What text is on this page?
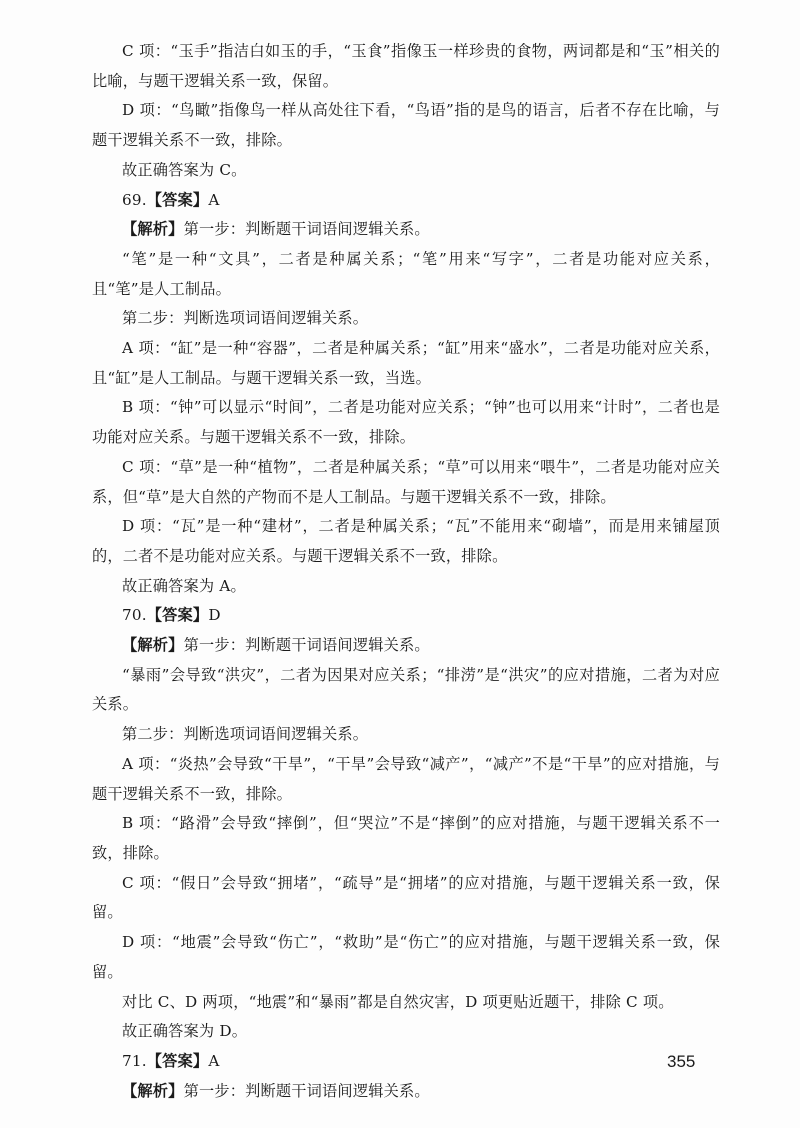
C 项：“玉手”指洁白如玉的手，“玉食”指像玉一样珍贵的食物，两词都是和“玉”相关的比喻，与题干逻辑关系一致，保留。

D 项：“鸟瞰”指像鸟一样从高处往下看，“鸟语”指的是鸟的语言，后者不存在比喻，与题干逻辑关系不一致，排除。

故正确答案为 C。

69.【答案】A

【解析】第一步：判断题干词语间逻辑关系。

“笔”是一种“文具”，二者是种属关系；“笔”用来“写字”，二者是功能对应关系，且“笔”是人工制品。

第二步：判断选项词语间逻辑关系。

A 项：“缸”是一种“容器”，二者是种属关系；“缸”用来“盛水”，二者是功能对应关系，且“缸”是人工制品。与题干逻辑关系一致，当选。

B 项：“钟”可以显示“时间”，二者是功能对应关系；“钟”也可以用来“计时”，二者也是功能对应关系。与题干逻辑关系不一致，排除。

C 项：“草”是一种“植物”，二者是种属关系；“草”可以用来“喂牛”，二者是功能对应关系，但“草”是大自然的产物而不是人工制品。与题干逻辑关系不一致，排除。

D 项：“瓦”是一种“建材”，二者是种属关系；“瓦”不能用来“砌墙”，而是用来铺屋顶的，二者不是功能对应关系。与题干逻辑关系不一致，排除。

故正确答案为 A。

70.【答案】D

【解析】第一步：判断题干词语间逻辑关系。

“暴雨”会导致“洪灾”，二者为因果对应关系；“排涝”是“洪灾”的应对措施，二者为对应关系。

第二步：判断选项词语间逻辑关系。

A 项：“炎热”会导致“干旱”，“干旱”会导致“减产”，“减产”不是“干旱”的应对措施，与题干逻辑关系不一致，排除。

B 项：“路滑”会导致“摔倒”，但“哭泣”不是“摔倒”的应对措施，与题干逻辑关系不一致，排除。

C 项：“假日”会导致“拥堵”，“疏导”是“拥堵”的应对措施，与题干逻辑关系一致，保留。

D 项：“地震”会导致“伤亡”，“救助”是“伤亡”的应对措施，与题干逻辑关系一致，保留。

对比 C、D 两项，“地震”和“暴雨”都是自然灾害，D 项更贴近题干，排除 C 项。

故正确答案为 D。

71.【答案】A

【解析】第一步：判断题干词语间逻辑关系。

355
